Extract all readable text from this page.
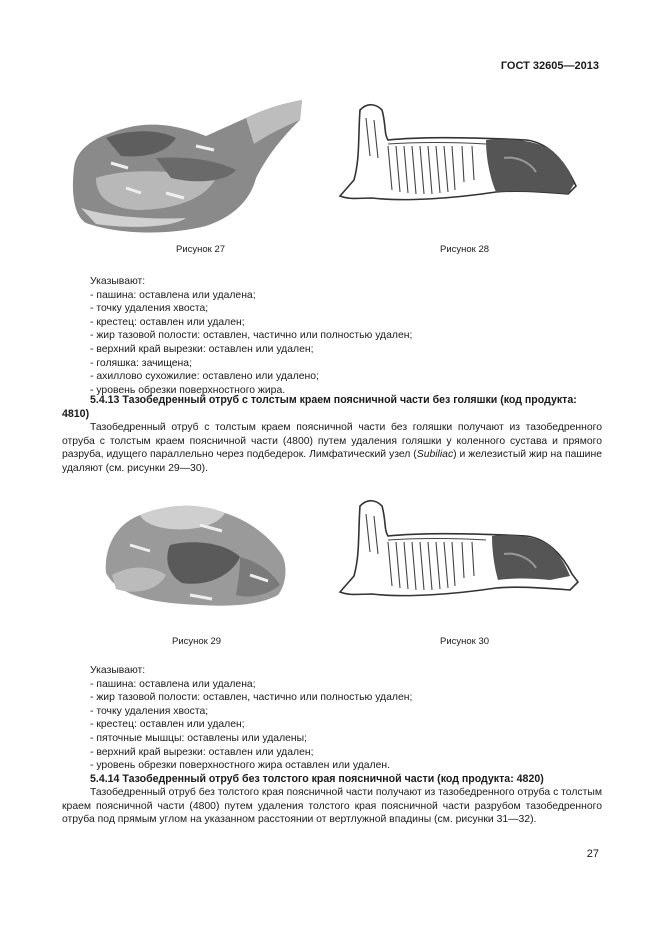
ГОСТ 32605—2013
Рисунок 27	Рисунок 28
Указывают:
- пашина: оставлена или удалена;
- точку удаления хвоста;
- крестец: оставлен или удален;
- жир тазовой полости: оставлен, частично или полностью удален;
- верхний край вырезки: оставлен или удален;
- голяшка: зачищена;
- ахиллово сухожилие: оставлено или удалено;
- уровень обрезки поверхностного жира.
5.4.13 Тазобедренный отруб с толстым краем поясничной части без голяшки (код продукта: 4810)
Тазобедренный отруб с толстым краем поясничной части без голяшки получают из тазобедренного отруба с толстым краем поясничной части (4800) путем удаления голяшки у коленного сустава и прямого разруба, идущего параллельно через подбедерок. Лимфатический узел (Subiliac) и железистый жир на пашине удаляют (см. рисунки 29—30).
Рисунок 29	Рисунок 30
Указывают:
- пашина: оставлена или удалена;
- жир тазовой полости: оставлен, частично или полностью удален;
- точку удаления хвоста;
- крестец: оставлен или удален;
- пяточные мышцы: оставлены или удалены;
- верхний край вырезки: оставлен или удален;
- уровень обрезки поверхностного жира оставлен или удален.
5.4.14 Тазобедренный отруб без толстого края поясничной части (код продукта: 4820)
Тазобедренный отруб без толстого края поясничной части получают из тазобедренного отруба с толстым краем поясничной части (4800) путем удаления толстого края поясничной части разрубом тазобедренного отруба под прямым углом на указанном расстоянии от вертлужной впадины (см. рисунки 31—32).
27
